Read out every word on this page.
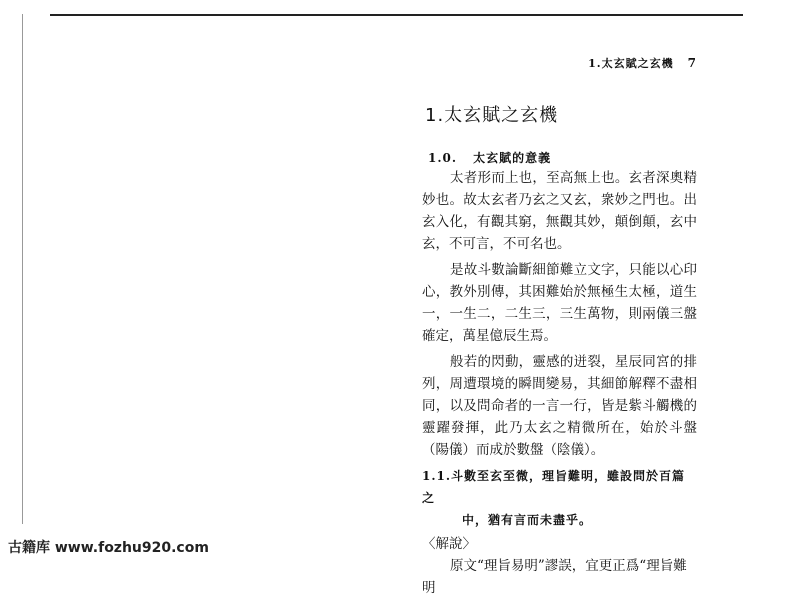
1.太玄賦之玄機 7
1.太玄賦之玄機
1.0. 太玄賦的意義

太者形而上也，至高無上也。玄者深奧精妙也。故太玄者乃玄之又玄，衆妙之門也。出玄入化，有觀其窮，無觀其妙，顛倒顛，玄中玄，不可言，不可名也。

是故斗數論斷細節難立文字，只能以心印心，教外別傳，其困難始於無極生太極，道生一，一生二，二生三，三生萬物，則兩儀三盤確定，萬星億辰生焉。

般若的閃動，靈感的迸裂，星辰同宮的排列，周遭環境的瞬間變易，其細節解釋不盡相同，以及問命者的一言一行，皆是紫斗觸機的靈躍發揮，此乃太玄之精微所在，始於斗盤（陽儀）而成於數盤（陰儀）。

1.1.斗數至玄至微，理旨難明，雖設問於百篇之

中，猶有言而未盡乎。

〈解說〉

原文“理旨易明”謬誤，宜更正爲“理旨難明

古籍库 www.fozhu920.com
